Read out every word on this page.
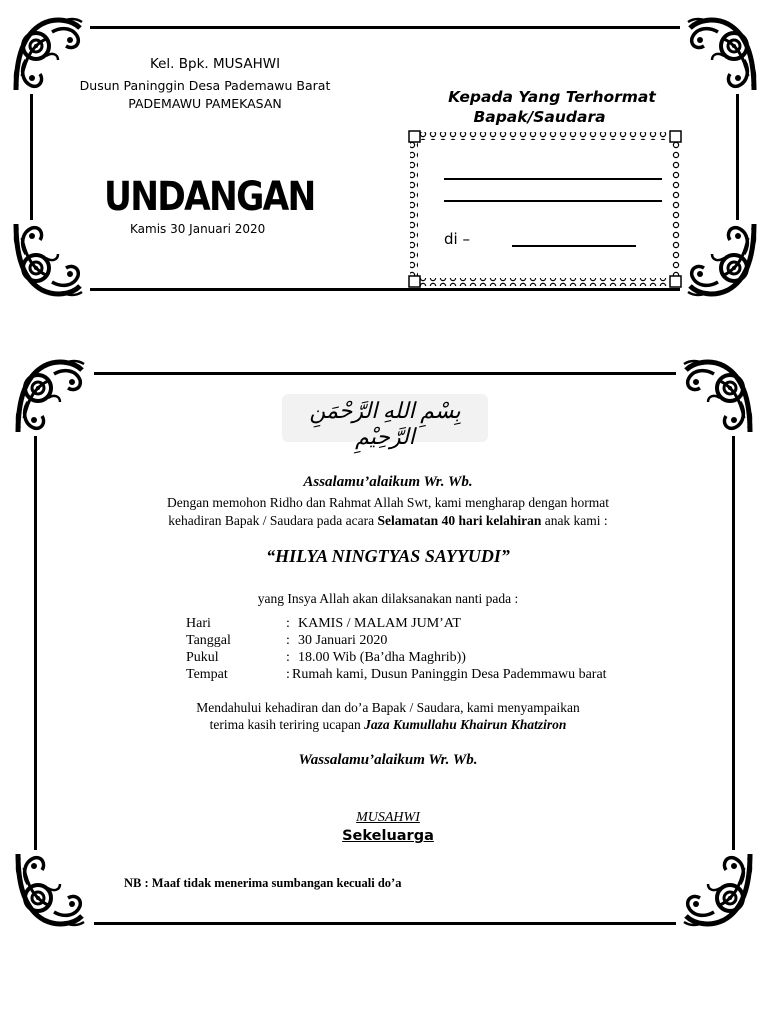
Kel. Bpk. MUSAHWI
Dusun Paninggin Desa Pademawu Barat
PADEMAWU PAMEKASAN
UNDANGAN
Kamis 30 Januari 2020
Kepada Yang Terhormat
Bapak/Saudara
di –
بِسْمِ اللهِ الرَّحْمَنِ الرَّحِيْمِ
Assalamu’alaikum Wr. Wb.
Dengan memohon Ridho dan Rahmat Allah Swt, kami mengharap dengan hormat
kehadiran Bapak / Saudara pada acara Selamatan 40 hari kelahiran anak kami :
“HILYA NINGTYAS SAYYUDI”
yang Insya Allah akan dilaksanakan nanti pada :
Hari	: KAMIS / MALAM JUM’AT
Tanggal	: 30 Januari 2020
Pukul	: 18.00 Wib (Ba’dha Maghrib))
Tempat	: Rumah kami, Dusun Paninggin Desa Pademmawu barat
Mendahului kehadiran dan do’a Bapak / Saudara, kami menyampaikan
terima kasih teriring ucapan Jaza Kumullahu Khairun Khatziron
Wassalamu’alaikum Wr. Wb.
MUSAHWI
Sekeluarga
NB : Maaf tidak menerima sumbangan kecuali do’a
